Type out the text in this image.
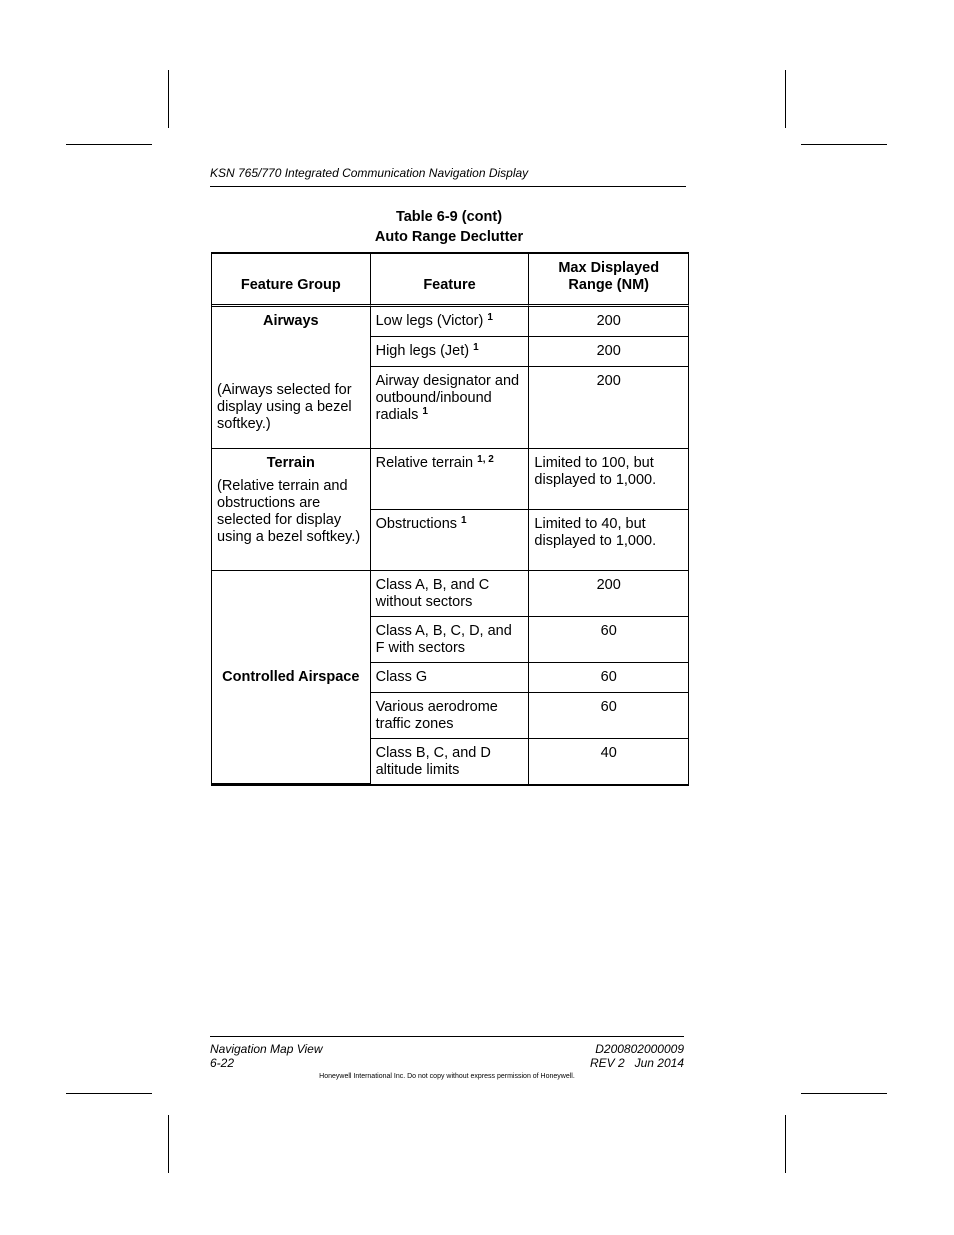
KSN 765/770 Integrated Communication Navigation Display
Table 6-9 (cont)
Auto Range Declutter
Feature Group	Feature	Max Displayed Range (NM)

Airways
(Airways selected for display using a bezel softkey.)	Low legs (Victor) $^1$	200
	High legs (Jet) $^1$	200
	Airway designator and outbound/inbound radials $^1$	200

Terrain
(Relative terrain and obstructions are selected for display using a bezel softkey.)	Relative terrain $^{1, 2}$	Limited to 100, but displayed to 1,000.
	Obstructions $^1$	Limited to 40, but displayed to 1,000.
Controlled Airspace	Class A, B, and C without sectors	200
	Class A, B, C, D, and F with sectors	60
	Class G	60
	Various aerodrome traffic zones	60
	Class B, C, and D altitude limits	40
Navigation Map View
6-22
D200802000009
REV 2   Jun 2014
Honeywell International Inc. Do not copy without express permission of Honeywell.
